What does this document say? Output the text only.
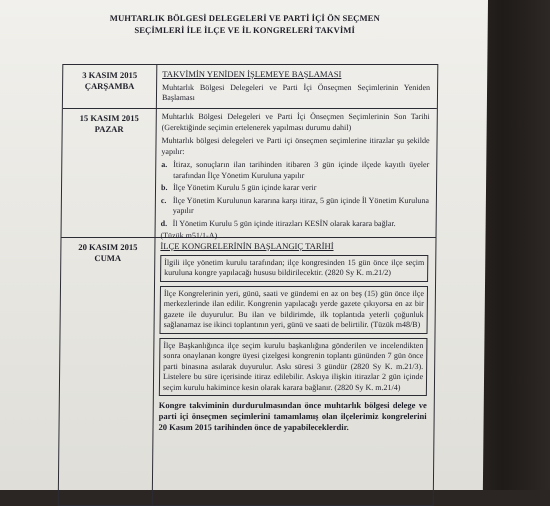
MUHTARLIK BÖLGESİ DELEGELERİ VE PARTİ İÇİ ÖN SEÇMEN
SEÇİMLERİ İLE İLÇE VE İL KONGRELERİ TAKVİMİ
3 KASIM 2015
ÇARŞAMBA
TAKVİMİN YENİDEN İŞLEMEYE BAŞLAMASI
Muhtarlık Bölgesi Delegeleri ve Parti İçi Önseçmen Seçimlerinin Yeniden Başlaması
15 KASIM 2015
PAZAR
Muhtarlık Bölgesi Delegeleri ve Parti İçi Önseçmen Seçimlerinin Son Tarihi (Gerektiğinde seçimin ertelenerek yapılması durumu dahil)
Muhtarlık bölgesi delegeleri ve Parti içi önseçmen seçimlerine itirazlar şu şekilde yapılır:
a. İtiraz, sonuçların ilan tarihinden itibaren 3 gün içinde ilçede kayıtlı üyeler tarafından İlçe Yönetim Kuruluna yapılır
b. İlçe Yönetim Kurulu 5 gün içinde karar verir
c. İlçe Yönetim Kurulunun kararına karşı itiraz, 5 gün içinde İl Yönetim Kuruluna yapılır
d. İl Yönetim Kurulu 5 gün içinde itirazları KESİN olarak karara bağlar.
(Tüzük m51/1-A)
20 KASIM 2015
CUMA
İLÇE KONGRELERİNİN BAŞLANGIÇ TARİHİ
İlgili ilçe yönetim kurulu tarafından; ilçe kongresinden 15 gün önce ilçe seçim kuruluna kongre yapılacağı hususu bildirilecektir. (2820 Sy K. m.21/2)
İlçe Kongrelerinin yeri, günü, saati ve gündemi en az on beş (15) gün önce ilçe merkezlerinde ilan edilir. Kongrenin yapılacağı yerde gazete çıkıyorsa en az bir gazete ile duyurulur. Bu ilan ve bildirimde, ilk toplantıda yeterli çoğunluk sağlanamaz ise ikinci toplantının yeri, günü ve saati de belirtilir. (Tüzük m48/B)
İlçe Başkanlığınca ilçe seçim kurulu başkanlığına gönderilen ve incelendikten sonra onaylanan kongre üyesi çizelgesi kongrenin toplantı gününden 7 gün önce parti binasına asılarak duyurulur. Askı süresi 3 gündür (2820 Sy K. m.21/3). Listelere bu süre içerisinde itiraz edilebilir. Askıya ilişkin itirazlar 2 gün içinde seçim kurulu hakimince kesin olarak karara bağlanır. (2820 Sy K. m.21/4)
Kongre takviminin durdurulmasından önce muhtarlık bölgesi delege ve parti içi önseçmen seçimlerini tamamlamış olan ilçelerimiz kongrelerini 20 Kasım 2015 tarihinden önce de yapabileceklerdir.
